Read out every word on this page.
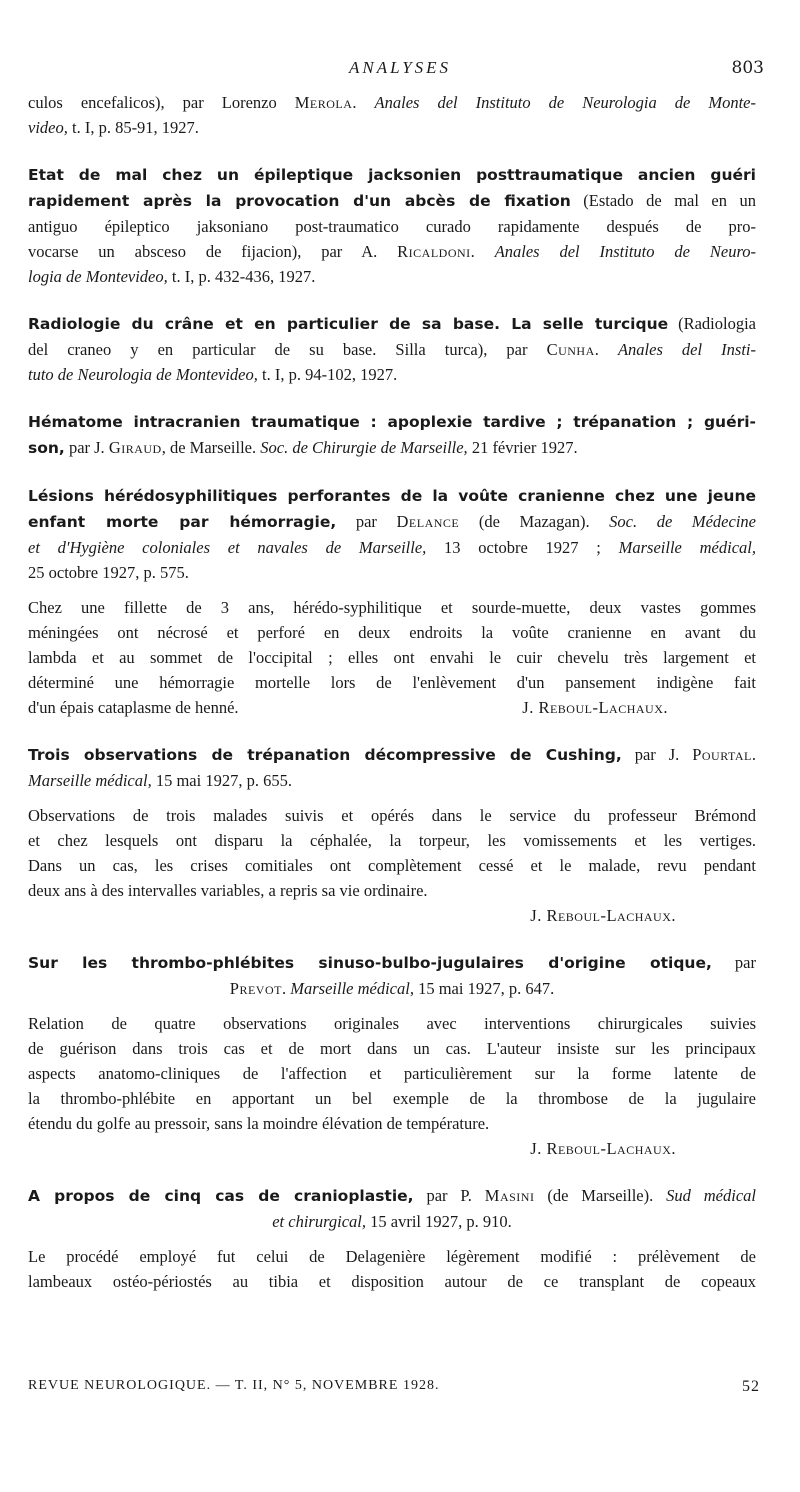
ANALYSES	803
culos encefalicos), par Lorenzo Merola. Anales del Instituto de Neurologia de Monte-
video, t. I, p. 85-91, 1927.
Etat de mal chez un épileptique jacksonien posttraumatique ancien guéri
rapidement après la provocation d'un abcès de fixation (Estado de mal en un
antiguo épileptico jaksoniano post-traumatico curado rapidamente después de pro-
vocarse un absceso de fijacion), par A. Ricaldoni. Anales del Instituto de Neuro-
logia de Montevideo, t. I, p. 432-436, 1927.
Radiologie du crâne et en particulier de sa base. La selle turcique (Radiologia
del craneo y en particular de su base. Silla turca), par Cunha. Anales del Insti-
tuto de Neurologia de Montevideo, t. I, p. 94-102, 1927.
Hématome intracranien traumatique : apoplexie tardive ; trépanation ; guéri-
son, par J. Giraud, de Marseille. Soc. de Chirurgie de Marseille, 21 février 1927.
Lésions hérédosyphilitiques perforantes de la voûte cranienne chez une jeune
enfant morte par hémorragie, par Delance (de Mazagan). Soc. de Médecine
et d'Hygiène coloniales et navales de Marseille, 13 octobre 1927 ; Marseille médical,
25 octobre 1927, p. 575.
Chez une fillette de 3 ans, hérédo-syphilitique et sourde-muette, deux vastes gommes
méningées ont nécrosé et perforé en deux endroits la voûte cranienne en avant du
lambda et au sommet de l'occipital ; elles ont envahi le cuir chevelu très largement et
déterminé une hémorragie mortelle lors de l'enlèvement d'un pansement indigène fait
d'un épais cataplasme de henné.	J. Reboul-Lachaux.
Trois observations de trépanation décompressive de Cushing, par J. Pourtal.
Marseille médical, 15 mai 1927, p. 655.
Observations de trois malades suivis et opérés dans le service du professeur Brémond
et chez lesquels ont disparu la céphalée, la torpeur, les vomissements et les vertiges.
Dans un cas, les crises comitiales ont complètement cessé et le malade, revu pendant
deux ans à des intervalles variables, a repris sa vie ordinaire.
J. Reboul-Lachaux.
Sur les thrombo-phlébites sinuso-bulbo-jugulaires d'origine otique, par
Prevot. Marseille médical, 15 mai 1927, p. 647.
Relation de quatre observations originales avec interventions chirurgicales suivies
de guérison dans trois cas et de mort dans un cas. L'auteur insiste sur les principaux
aspects anatomo-cliniques de l'affection et particulièrement sur la forme latente de
la thrombo-phlébite en apportant un bel exemple de la thrombose de la jugulaire
étendu du golfe au pressoir, sans la moindre élévation de température.
J. Reboul-Lachaux.
A propos de cinq cas de cranioplastie, par P. Masini (de Marseille). Sud médical
et chirurgical, 15 avril 1927, p. 910.
Le procédé employé fut celui de Delagenière légèrement modifié : prélèvement de
lambeaux ostéo-périostés au tibia et disposition autour de ce transplant de copeaux
REVUE NEUROLOGIQUE. — T. II, N° 5, NOVEMBRE 1928.	52
